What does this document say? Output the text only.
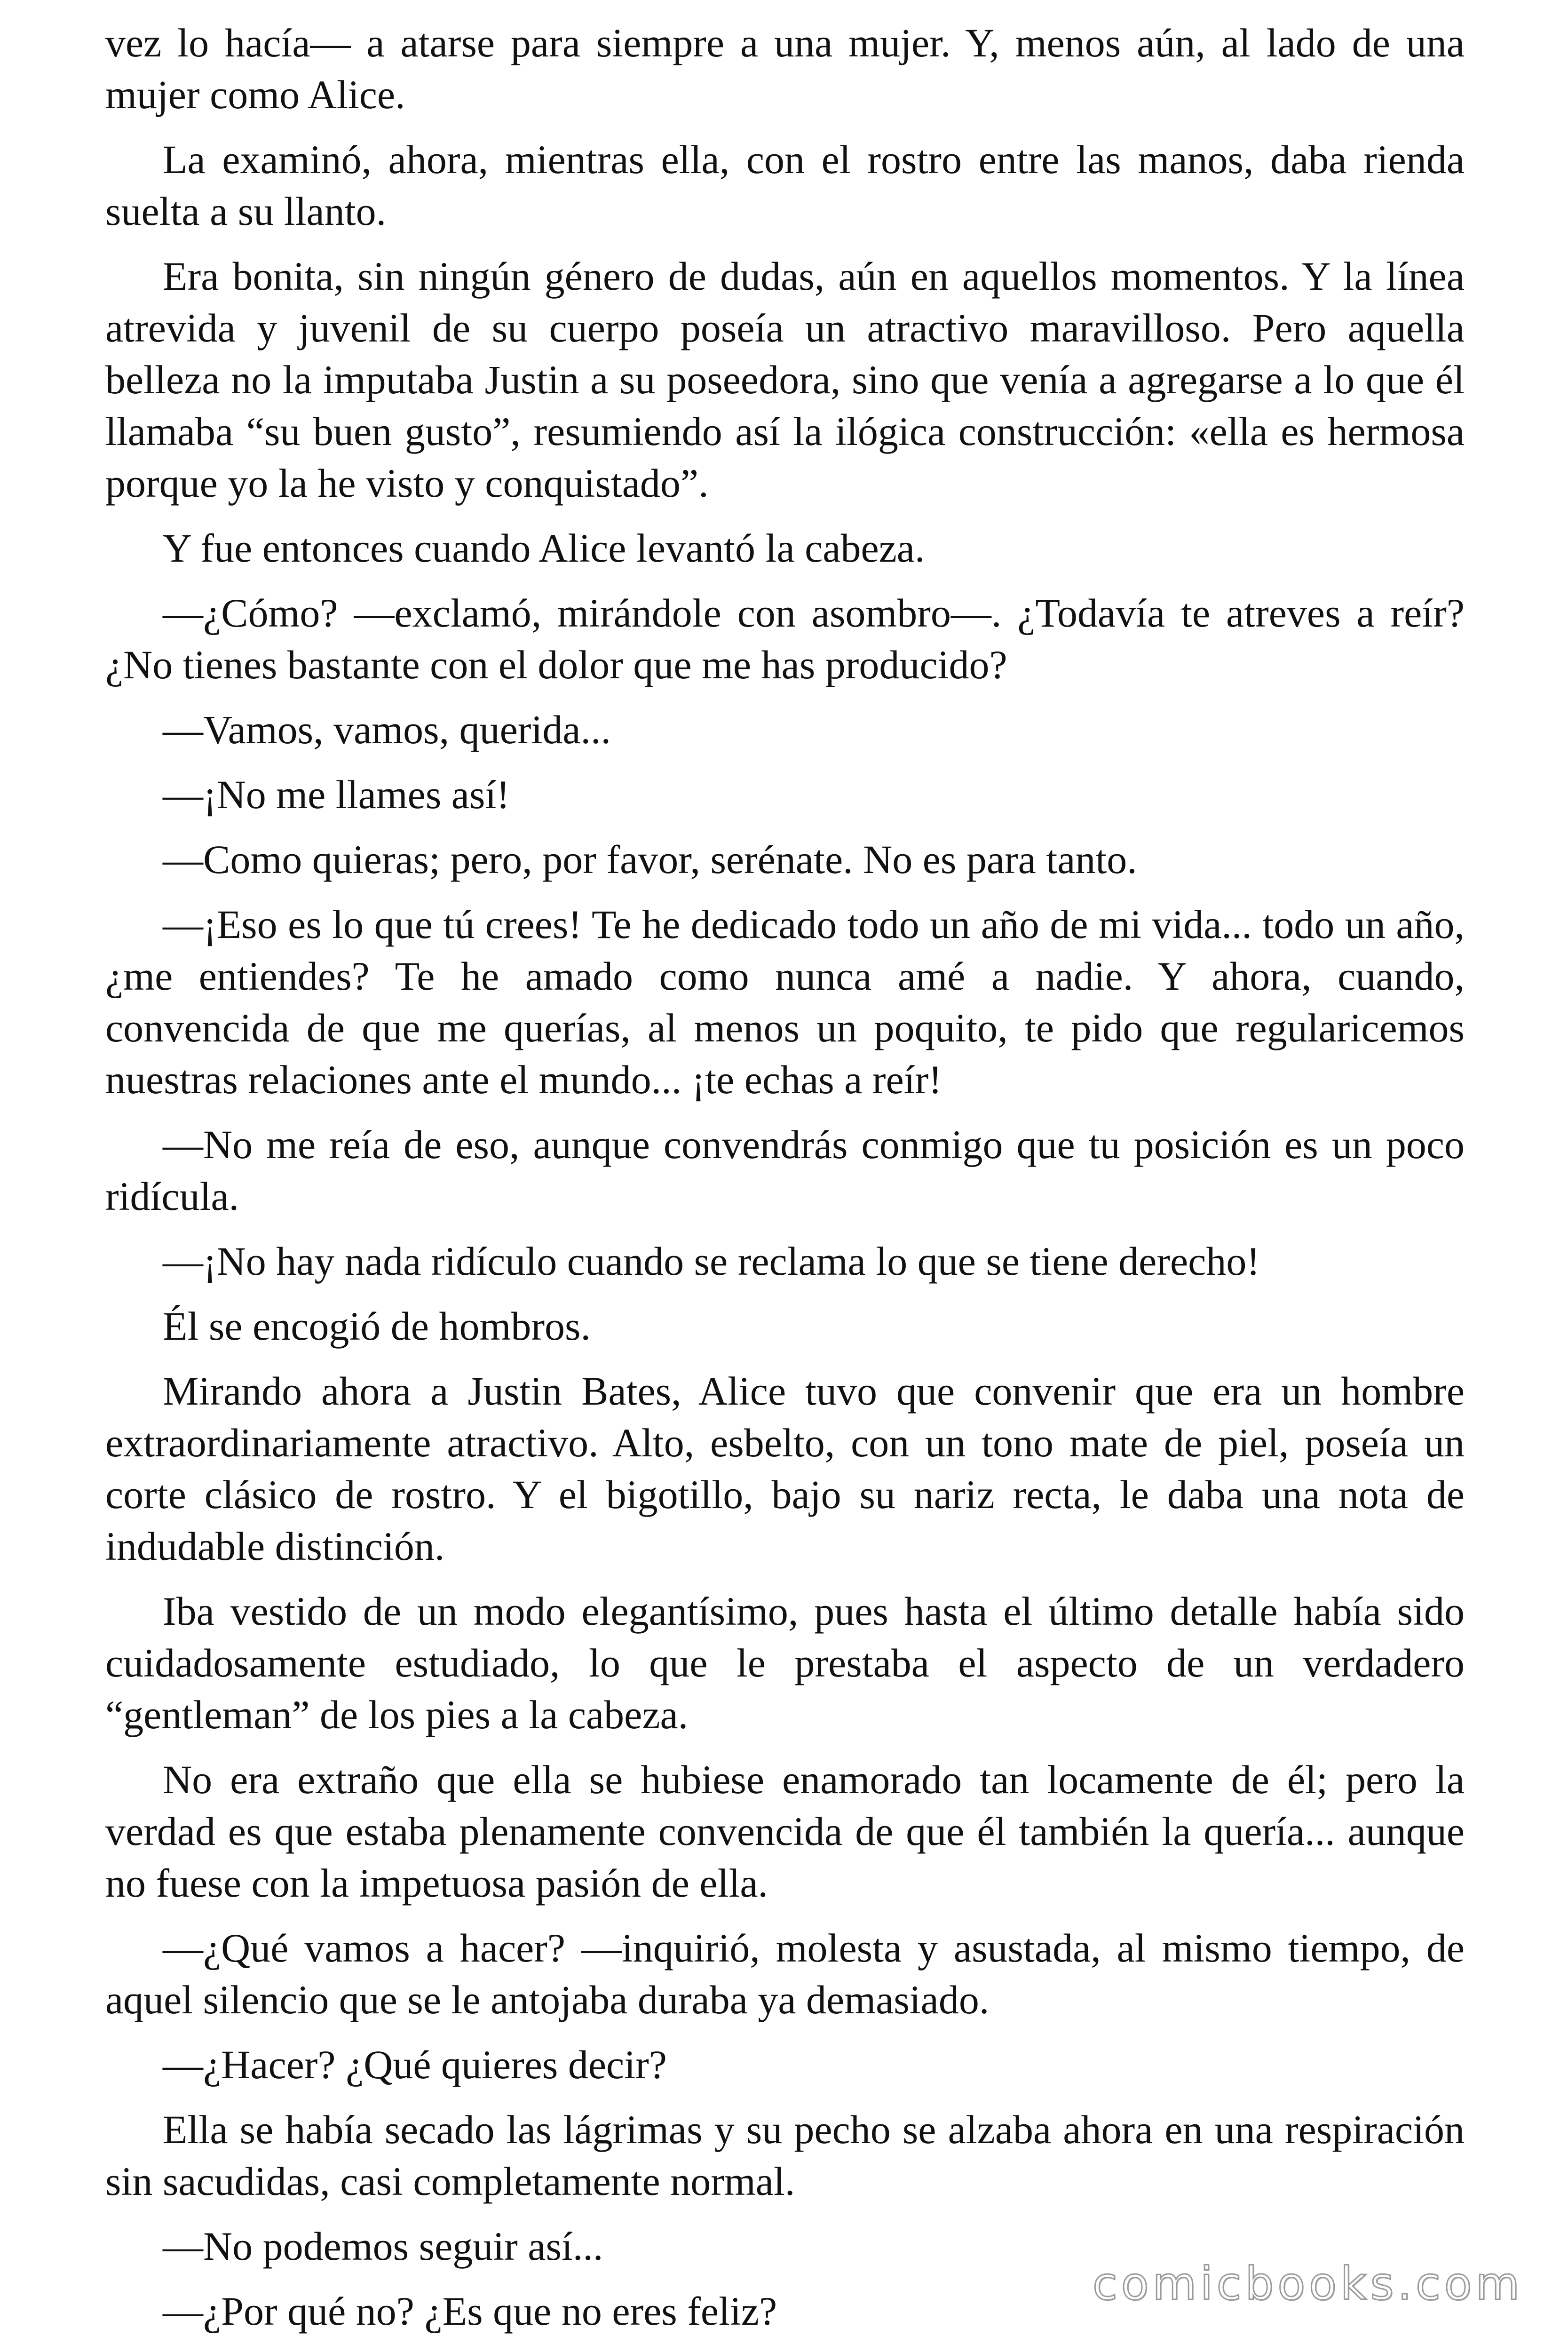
vez lo hacía— a atarse para siempre a una mujer. Y, menos aún, al lado de una mujer como Alice.

La examinó, ahora, mientras ella, con el rostro entre las manos, daba rienda suelta a su llanto.

Era bonita, sin ningún género de dudas, aún en aquellos momentos. Y la línea atrevida y juvenil de su cuerpo poseía un atractivo maravilloso. Pero aquella belleza no la imputaba Justin a su poseedora, sino que venía a agregarse a lo que él llamaba “su buen gusto”, resumiendo así la ilógica construcción: «ella es hermosa porque yo la he visto y conquistado”.

Y fue entonces cuando Alice levantó la cabeza.

—¿Cómo? —exclamó, mirándole con asombro—. ¿Todavía te atreves a reír? ¿No tienes bastante con el dolor que me has producido?

—Vamos, vamos, querida...

—¡No me llames así!

—Como quieras; pero, por favor, serénate. No es para tanto.

—¡Eso es lo que tú crees! Te he dedicado todo un año de mi vida... todo un año, ¿me entiendes? Te he amado como nunca amé a nadie. Y ahora, cuando, convencida de que me querías, al menos un poquito, te pido que regularicemos nuestras relaciones ante el mundo... ¡te echas a reír!

—No me reía de eso, aunque convendrás conmigo que tu posición es un poco ridícula.

—¡No hay nada ridículo cuando se reclama lo que se tiene derecho!

Él se encogió de hombros.

Mirando ahora a Justin Bates, Alice tuvo que convenir que era un hombre extraordinariamente atractivo. Alto, esbelto, con un tono mate de piel, poseía un corte clásico de rostro. Y el bigotillo, bajo su nariz recta, le daba una nota de indudable distinción.

Iba vestido de un modo elegantísimo, pues hasta el último detalle había sido cuidadosamente estudiado, lo que le prestaba el aspecto de un verdadero “gentleman” de los pies a la cabeza.

No era extraño que ella se hubiese enamorado tan locamente de él; pero la verdad es que estaba plenamente convencida de que él también la quería... aunque no fuese con la impetuosa pasión de ella.

—¿Qué vamos a hacer? —inquirió, molesta y asustada, al mismo tiempo, de aquel silencio que se le antojaba duraba ya demasiado.

—¿Hacer? ¿Qué quieres decir?

Ella se había secado las lágrimas y su pecho se alzaba ahora en una respiración sin sacudidas, casi completamente normal.

—No podemos seguir así...

—¿Por qué no? ¿Es que no eres feliz?

comicbooks.com
